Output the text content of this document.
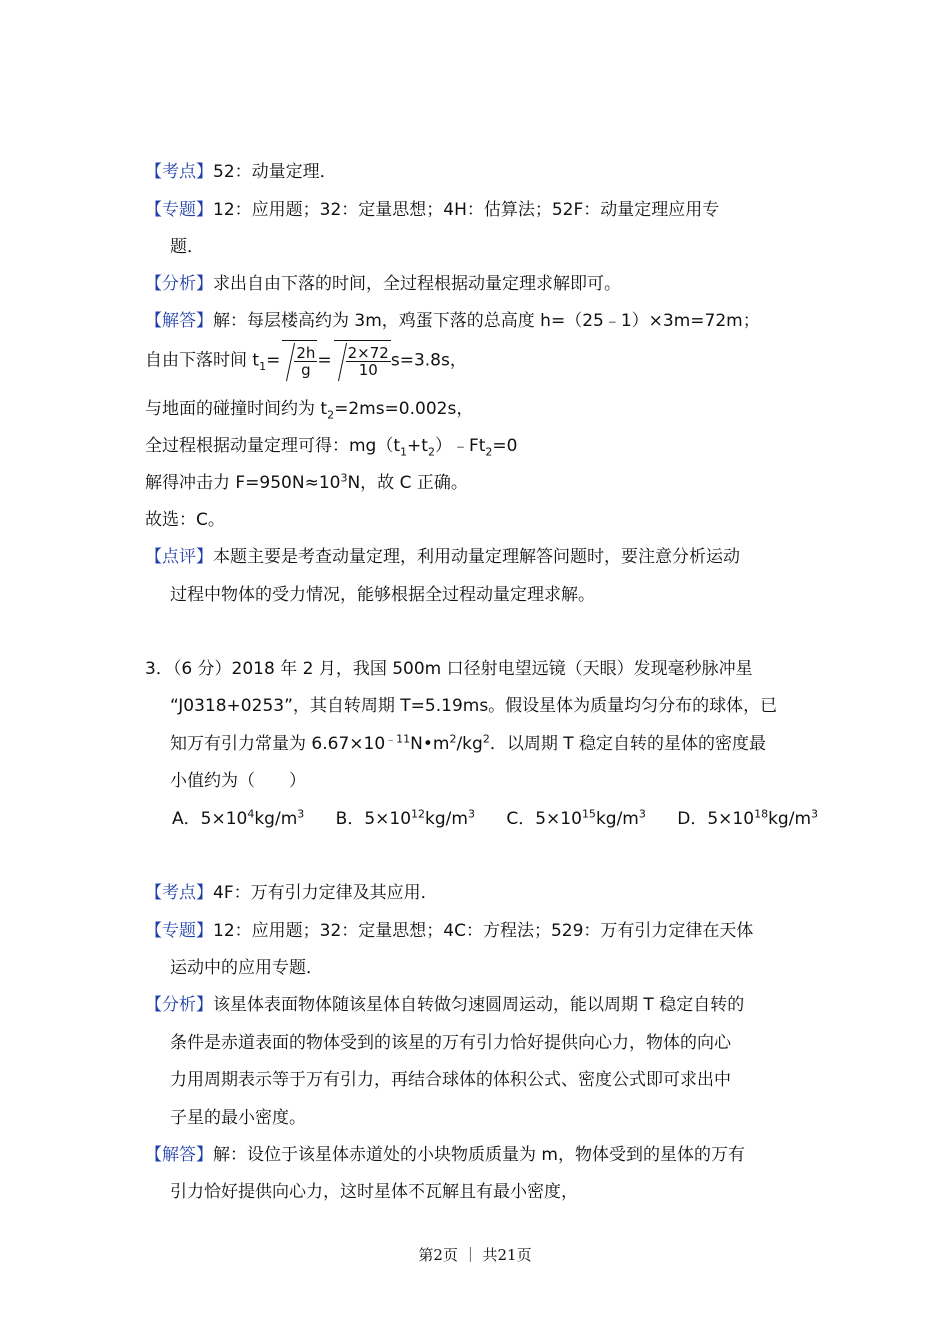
【考点】52：动量定理．
【专题】12：应用题；32：定量思想；4H：估算法；52F：动量定理应用专
题．
【分析】求出自由下落的时间，全过程根据动量定理求解即可。
【解答】解：每层楼高约为 3m，鸡蛋下落的总高度 h=（25﹣1）×3m=72m；
自由下落时间 $t_1= \frac{2h}{g} = \frac{2\times 72}{10} s=3.8s$，
与地面的碰撞时间约为 $t_2=2ms=0.002s$，
全过程根据动量定理可得：$mg(t_1+t_2)﹣Ft_2=0$
解得冲击力 $F=950N\approx 10^3N$，故 C 正确。
故选：C。
【点评】本题主要是考查动量定理，利用动量定理解答问题时，要注意分析运动
过程中物体的受力情况，能够根据全过程动量定理求解。
3．（6 分）2018 年 2 月，我国 500m 口径射电望远镜（天眼）发现毫秒脉冲星
“J0318+0253”，其自转周期 T=5.19ms。假设星体为质量均匀分布的球体，已
知万有引力常量为 $6.67\times 10^{﹣11}N•m^2/kg^2$．以周期 T 稳定自转的星体的密度最
小值约为（　　）
A．$5\times 10^4kg/m^3$ B．$5\times 10^{12}kg/m^3$ C．$5\times 10^{15}kg/m^3$ D．$5\times 10^{18}kg/m^3$
【考点】4F：万有引力定律及其应用．
【专题】12：应用题；32：定量思想；4C：方程法；529：万有引力定律在天体
运动中的应用专题．
【分析】该星体表面物体随该星体自转做匀速圆周运动，能以周期 T 稳定自转的
条件是赤道表面的物体受到的该星的万有引力恰好提供向心力，物体的向心
力用周期表示等于万有引力，再结合球体的体积公式、密度公式即可求出中
子星的最小密度。
【解答】解：设位于该星体赤道处的小块物质质量为 m，物体受到的星体的万有
引力恰好提供向心力，这时星体不瓦解且有最小密度，
第2页 ｜ 共21页
